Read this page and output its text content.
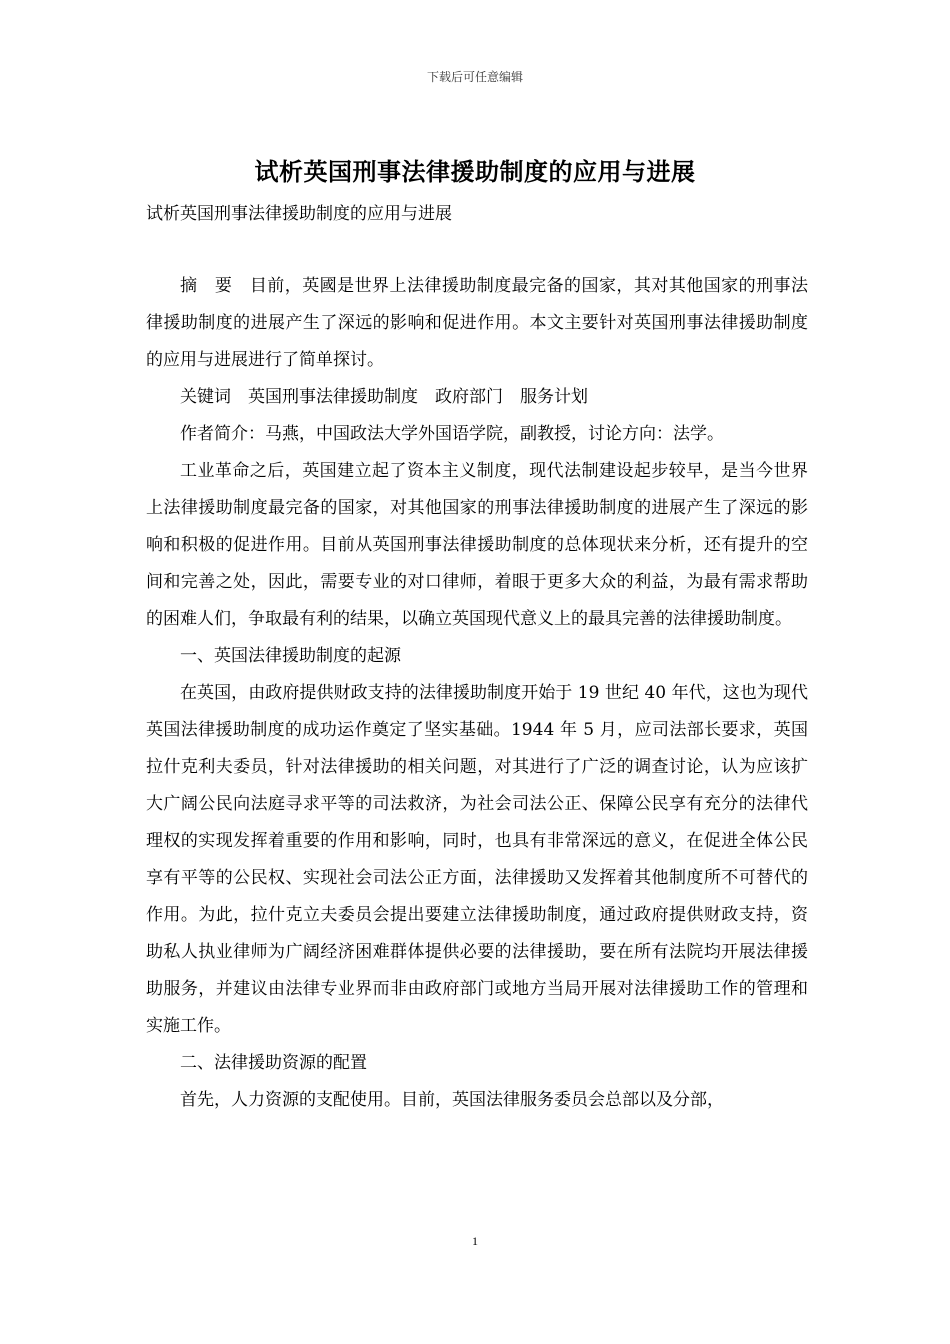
下载后可任意编辑
试析英国刑事法律援助制度的应用与进展
试析英国刑事法律援助制度的应用与进展

摘　要　目前，英國是世界上法律援助制度最完备的国家，其对其他国家的刑事法律援助制度的进展产生了深远的影响和促进作用。本文主要针对英国刑事法律援助制度的应用与进展进行了简单探讨。

关键词　英国刑事法律援助制度　政府部门　服务计划

作者简介：马燕，中国政法大学外国语学院，副教授，讨论方向：法学。

工业革命之后，英国建立起了资本主义制度，现代法制建设起步较早，是当今世界上法律援助制度最完备的国家，对其他国家的刑事法律援助制度的进展产生了深远的影响和积极的促进作用。目前从英国刑事法律援助制度的总体现状来分析，还有提升的空间和完善之处，因此，需要专业的对口律师，着眼于更多大众的利益，为最有需求帮助的困难人们，争取最有利的结果，以确立英国现代意义上的最具完善的法律援助制度。

一、英国法律援助制度的起源

在英国，由政府提供财政支持的法律援助制度开始于 19 世纪 40 年代，这也为现代英国法律援助制度的成功运作奠定了坚实基础。1944 年 5 月，应司法部长要求，英国拉什克利夫委员，针对法律援助的相关问题，对其进行了广泛的调查讨论，认为应该扩大广阔公民向法庭寻求平等的司法救济，为社会司法公正、保障公民享有充分的法律代理权的实现发挥着重要的作用和影响，同时，也具有非常深远的意义，在促进全体公民享有平等的公民权、实现社会司法公正方面，法律援助又发挥着其他制度所不可替代的作用。为此，拉什克立夫委员会提出要建立法律援助制度，通过政府提供财政支持，资助私人执业律师为广阔经济困难群体提供必要的法律援助，要在所有法院均开展法律援助服务，并建议由法律专业界而非由政府部门或地方当局开展对法律援助工作的管理和实施工作。

二、法律援助资源的配置

首先，人力资源的支配使用。目前，英国法律服务委员会总部以及分部，

1
